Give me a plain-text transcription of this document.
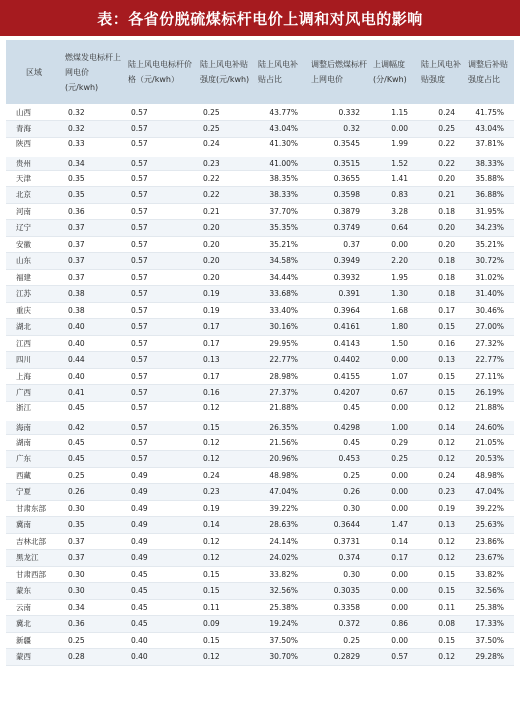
表：各省份脱硫煤标杆电价上调和对风电的影响
区域	燃煤发电标杆上网电价(元/kwh)	陆上风电电标杆价格（元/kwh）	陆上风电补贴强度(元/kwh)	陆上风电补贴占比	调整后燃煤标杆上网电价	上调幅度(分/Kwh)	陆上风电补贴强度	调整后补贴强度占比
山西	0.32	0.57	0.25	43.77%	0.332	1.15	0.24	41.75%
青海	0.32	0.57	0.25	43.04%	0.32	0.00	0.25	43.04%
陕西	0.33	0.57	0.24	41.30%	0.3545	1.99	0.22	37.81%
贵州	0.34	0.57	0.23	41.00%	0.3515	1.52	0.22	38.33%
天津	0.35	0.57	0.22	38.35%	0.3655	1.41	0.20	35.88%
北京	0.35	0.57	0.22	38.33%	0.3598	0.83	0.21	36.88%
河南	0.36	0.57	0.21	37.70%	0.3879	3.28	0.18	31.95%
辽宁	0.37	0.57	0.20	35.35%	0.3749	0.64	0.20	34.23%
安徽	0.37	0.57	0.20	35.21%	0.37	0.00	0.20	35.21%
山东	0.37	0.57	0.20	34.58%	0.3949	2.20	0.18	30.72%
福建	0.37	0.57	0.20	34.44%	0.3932	1.95	0.18	31.02%
江苏	0.38	0.57	0.19	33.68%	0.391	1.30	0.18	31.40%
重庆	0.38	0.57	0.19	33.40%	0.3964	1.68	0.17	30.46%
湖北	0.40	0.57	0.17	30.16%	0.4161	1.80	0.15	27.00%
江西	0.40	0.57	0.17	29.95%	0.4143	1.50	0.16	27.32%
四川	0.44	0.57	0.13	22.77%	0.4402	0.00	0.13	22.77%
上海	0.40	0.57	0.17	28.98%	0.4155	1.07	0.15	27.11%
广西	0.41	0.57	0.16	27.37%	0.4207	0.67	0.15	26.19%
浙江	0.45	0.57	0.12	21.88%	0.45	0.00	0.12	21.88%
海南	0.42	0.57	0.15	26.35%	0.4298	1.00	0.14	24.60%
湖南	0.45	0.57	0.12	21.56%	0.45	0.29	0.12	21.05%
广东	0.45	0.57	0.12	20.96%	0.453	0.25	0.12	20.53%
西藏	0.25	0.49	0.24	48.98%	0.25	0.00	0.24	48.98%
宁夏	0.26	0.49	0.23	47.04%	0.26	0.00	0.23	47.04%
甘肃东部	0.30	0.49	0.19	39.22%	0.30	0.00	0.19	39.22%
冀南	0.35	0.49	0.14	28.63%	0.3644	1.47	0.13	25.63%
吉林北部	0.37	0.49	0.12	24.14%	0.3731	0.14	0.12	23.86%
黑龙江	0.37	0.49	0.12	24.02%	0.374	0.17	0.12	23.67%
甘肃西部	0.30	0.45	0.15	33.82%	0.30	0.00	0.15	33.82%
蒙东	0.30	0.45	0.15	32.56%	0.3035	0.00	0.15	32.56%
云南	0.34	0.45	0.11	25.38%	0.3358	0.00	0.11	25.38%
冀北	0.36	0.45	0.09	19.24%	0.372	0.86	0.08	17.33%
新疆	0.25	0.40	0.15	37.50%	0.25	0.00	0.15	37.50%
蒙西	0.28	0.40	0.12	30.70%	0.2829	0.57	0.12	29.28%
